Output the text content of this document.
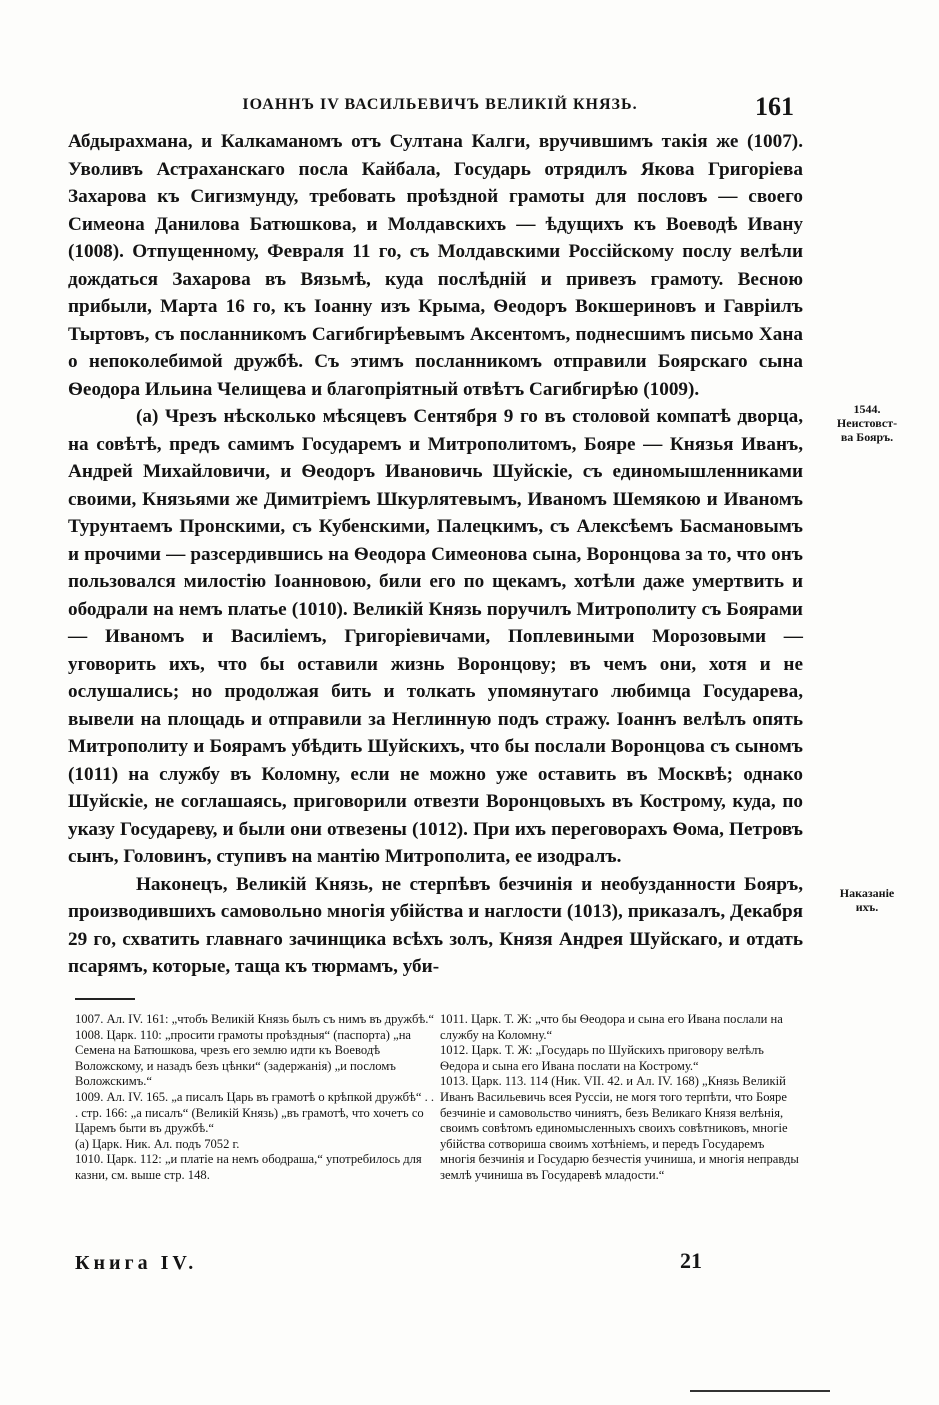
ІОАННЪ IV ВАСИЛЬЕВИЧЪ ВЕЛИКІЙ КНЯЗЬ.	161

Абдырахмана, и Калкаманомъ отъ Султана Калги, вручившимъ такія же (1007). Уволивъ Астраханскаго посла Кайбала, Государь отрядилъ Якова Григорiева Захарова къ Сигизмунду, требовать проѣздной грамоты для пословъ — своего Симеона Даниловa Батюшкова, и Молдавскихъ — ѣдущихъ къ Воеводѣ Ивану (1008). Отпущенному, Февраля 11 го, съ Молдавскими Россійскому послу велѣли дождаться Захарова въ Вязьмѣ, куда послѣдній и привезъ грамоту. Весною прибыли, Марта 16 го, къ Іоанну изъ Крыма, Ѳеодоръ Вокшериновъ и Гавріилъ Тыртовъ, съ посланникомъ Сагибгирѣевымъ Аксентомъ, поднесшимъ письмо Хана о непоколебимой дружбѣ. Съ этимъ посланникомъ отправили Боярскаго сына Ѳеодора Ильина Челищева и благопріятный отвѣтъ Сагибгирѣю (1009).

(а) Чрезъ нѣсколько мѣсяцевъ Сентября 9 го въ столовой компатѣ дворца, на совѣтѣ, предъ самимъ Государемъ и Митрополитомъ, Бояре — Князья Иванъ, Андрей Михайловичи, и Ѳеодоръ Ивановичь Шуйскіе, съ единомышленниками своими, Князьями же Димитріемъ Шкурлятевымъ, Иваномъ Шемякою и Иваномъ Турунтаемъ Пронскими, съ Кубенскими, Палецкимъ, съ Алексѣемъ Басмановымъ и прочими — разсердившись на Ѳеодора Симеонова сына, Воронцова за то, что онъ пользовался милостію Іоанновою, били его по щекамъ, хотѣли даже умертвить и ободрали на немъ платье (1010). Великій Князь поручилъ Митрополиту съ Боярами — Иваномъ и Василіемъ, Григорiевичами, Поплевиными Морозовыми — уговорить ихъ, что бы оставили жизнь Воронцову; въ чемъ они, хотя и не ослушались; но продолжая бить и толкать упомянутаго любимца Государева, вывели на площадь и отправили за Неглинную подъ стражу. Іоаннъ велѣлъ опять Митрополиту и Боярамъ убѣдить Шуйскихъ, что бы послали Воронцова съ сыномъ (1011) на службу въ Коломну, если не можно уже оставить въ Москвѣ; однако Шуйскіе, не соглашаясь, приговорили отвезти Воронцовыхъ въ Кострому, куда, по указу Государеву, и были они отвезены (1012). При ихъ переговорахъ Ѳома, Петровъ сынъ, Головинъ, ступивъ на мантію Митрополита, ее изодралъ.

Наконецъ, Великій Князь, не стерпѣвъ безчинія и необузданности Бояръ, производившихъ самовольно многія убійства и наглости (1013), приказалъ, Декабря 29 го, схватить главнаго зачинщика всѣхъ золъ, Князя Андрея Шуйскаго, и отдать псарямъ, которые, таща къ тюрмамъ, уби-

1544.
Неистовст-
ва Бояръ.
Наказаніе
ихъ.

1007. Ал. IV. 161: „чтобъ Великій Князь былъ съ нимъ въ дружбѣ.“

1008. Царк. 110: „просити грамоты проѣздныя“ (паспорта) „на Семена на Батюшкова, чрезъ его землю идти къ Воеводѣ Воложскому, и назадъ безъ цѣнки“ (задержанія) „и посломъ Воложскимъ.“

1009. Ал. IV. 165. „а писалъ Царь въ грамотѣ о крѣпкой дружбѣ“ . . . стр. 166: „а писалъ“ (Великій Князь) „въ грамотѣ, что хочетъ со Царемъ быти въ дружбѣ.“

(а) Царк. Ник. Ал. подъ 7052 г.

1010. Царк. 112: „и платіе на немъ ободраша,“ употребилось для казни, см. выше стр. 148.

1011. Царк. Т. Ж: „что бы Ѳеодора и сына его Ивана послали на службу на Коломну.“

1012. Царк. Т. Ж: „Государь по Шуйскихъ приговору велѣлъ Ѳедора и сына его Ивана послати на Кострому.“

1013. Царк. 113. 114 (Ник. VII. 42. и Ал. IV. 168) „Князь Великій Иванъ Васильевичь всея Руссіи, не могя того терпѣти, что Бояре безчиніе и самовольство чиниятъ, безъ Великаго Князя велѣнія, своимъ совѣтомъ единомысленныхъ своихъ совѣтниковъ, многіе убійства сотвориша своимъ хотѣніемъ, и передъ Государемъ многія безчинія и Государю безчестія учиниша, и многія неправды землѣ учиниша въ Государевѣ младости.“

Книга IV.	21
